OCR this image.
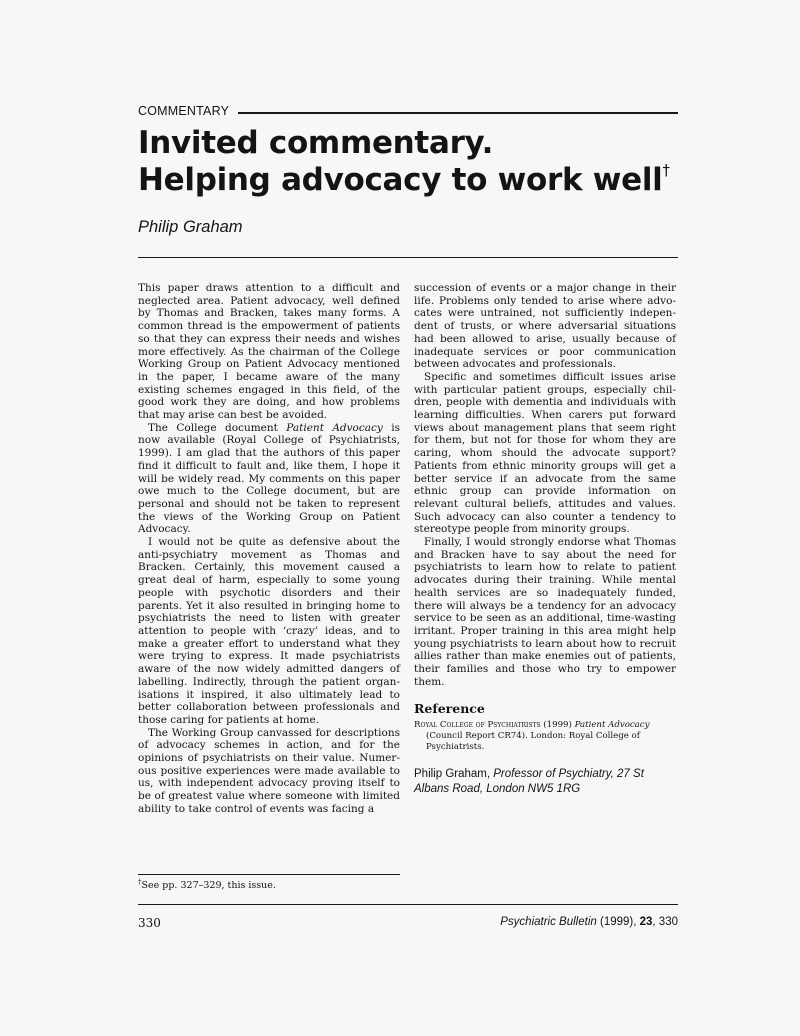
COMMENTARY
Invited commentary.
Helping advocacy to work well†
Philip Graham

This paper draws attention to a difficult and neglected area. Patient advocacy, well defined by Thomas and Bracken, takes many forms. A common thread is the empowerment of patients so that they can express their needs and wishes more effectively. As the chairman of the College Working Group on Patient Advocacy mentioned in the paper, I became aware of the many existing schemes engaged in this field, of the good work they are doing, and how problems that may arise can best be avoided.

The College document Patient Advocacy is now available (Royal College of Psychiatrists, 1999). I am glad that the authors of this paper find it difficult to fault and, like them, I hope it will be widely read. My comments on this paper owe much to the College document, but are personal and should not be taken to represent the views of the Working Group on Patient Advocacy.

I would not be quite as defensive about the anti-psychiatry movement as Thomas and Bracken. Certainly, this movement caused a great deal of harm, especially to some young people with psychotic disorders and their parents. Yet it also resulted in bringing home to psychiatrists the need to listen with greater attention to people with ‘crazy’ ideas, and to make a greater effort to understand what they were trying to express. It made psychiatrists aware of the now widely admitted dangers of labelling. Indirectly, through the patient organisations it inspired, it also ultimately lead to better collaboration between professionals and those caring for patients at home.

The Working Group canvassed for descriptions of advocacy schemes in action, and for the opinions of psychiatrists on their value. Numerous positive experiences were made available to us, with independent advocacy proving itself to be of greatest value where someone with limited ability to take control of events was facing a

succession of events or a major change in their life. Problems only tended to arise where advocates were untrained, not sufficiently independent of trusts, or where adversarial situations had been allowed to arise, usually because of inadequate services or poor communication between advocates and professionals.

Specific and sometimes difficult issues arise with particular patient groups, especially children, people with dementia and individuals with learning difficulties. When carers put forward views about management plans that seem right for them, but not for those for whom they are caring, whom should the advocate support? Patients from ethnic minority groups will get a better service if an advocate from the same ethnic group can provide information on relevant cultural beliefs, attitudes and values. Such advocacy can also counter a tendency to stereotype people from minority groups.

Finally, I would strongly endorse what Thomas and Bracken have to say about the need for psychiatrists to learn how to relate to patient advocates during their training. While mental health services are so inadequately funded, there will always be a tendency for an advocacy service to be seen as an additional, time-wasting irritant. Proper training in this area might help young psychiatrists to learn about how to recruit allies rather than make enemies out of patients, their families and those who try to empower them.

Reference
Royal College of Psychiatrists (1999) Patient Advocacy (Council Report CR74). London: Royal College of Psychiatrists.
Philip Graham, Professor of Psychiatry, 27 St Albans Road, London NW5 1RG
†See pp. 327–329, this issue.
330	Psychiatric Bulletin (1999), 23, 330
